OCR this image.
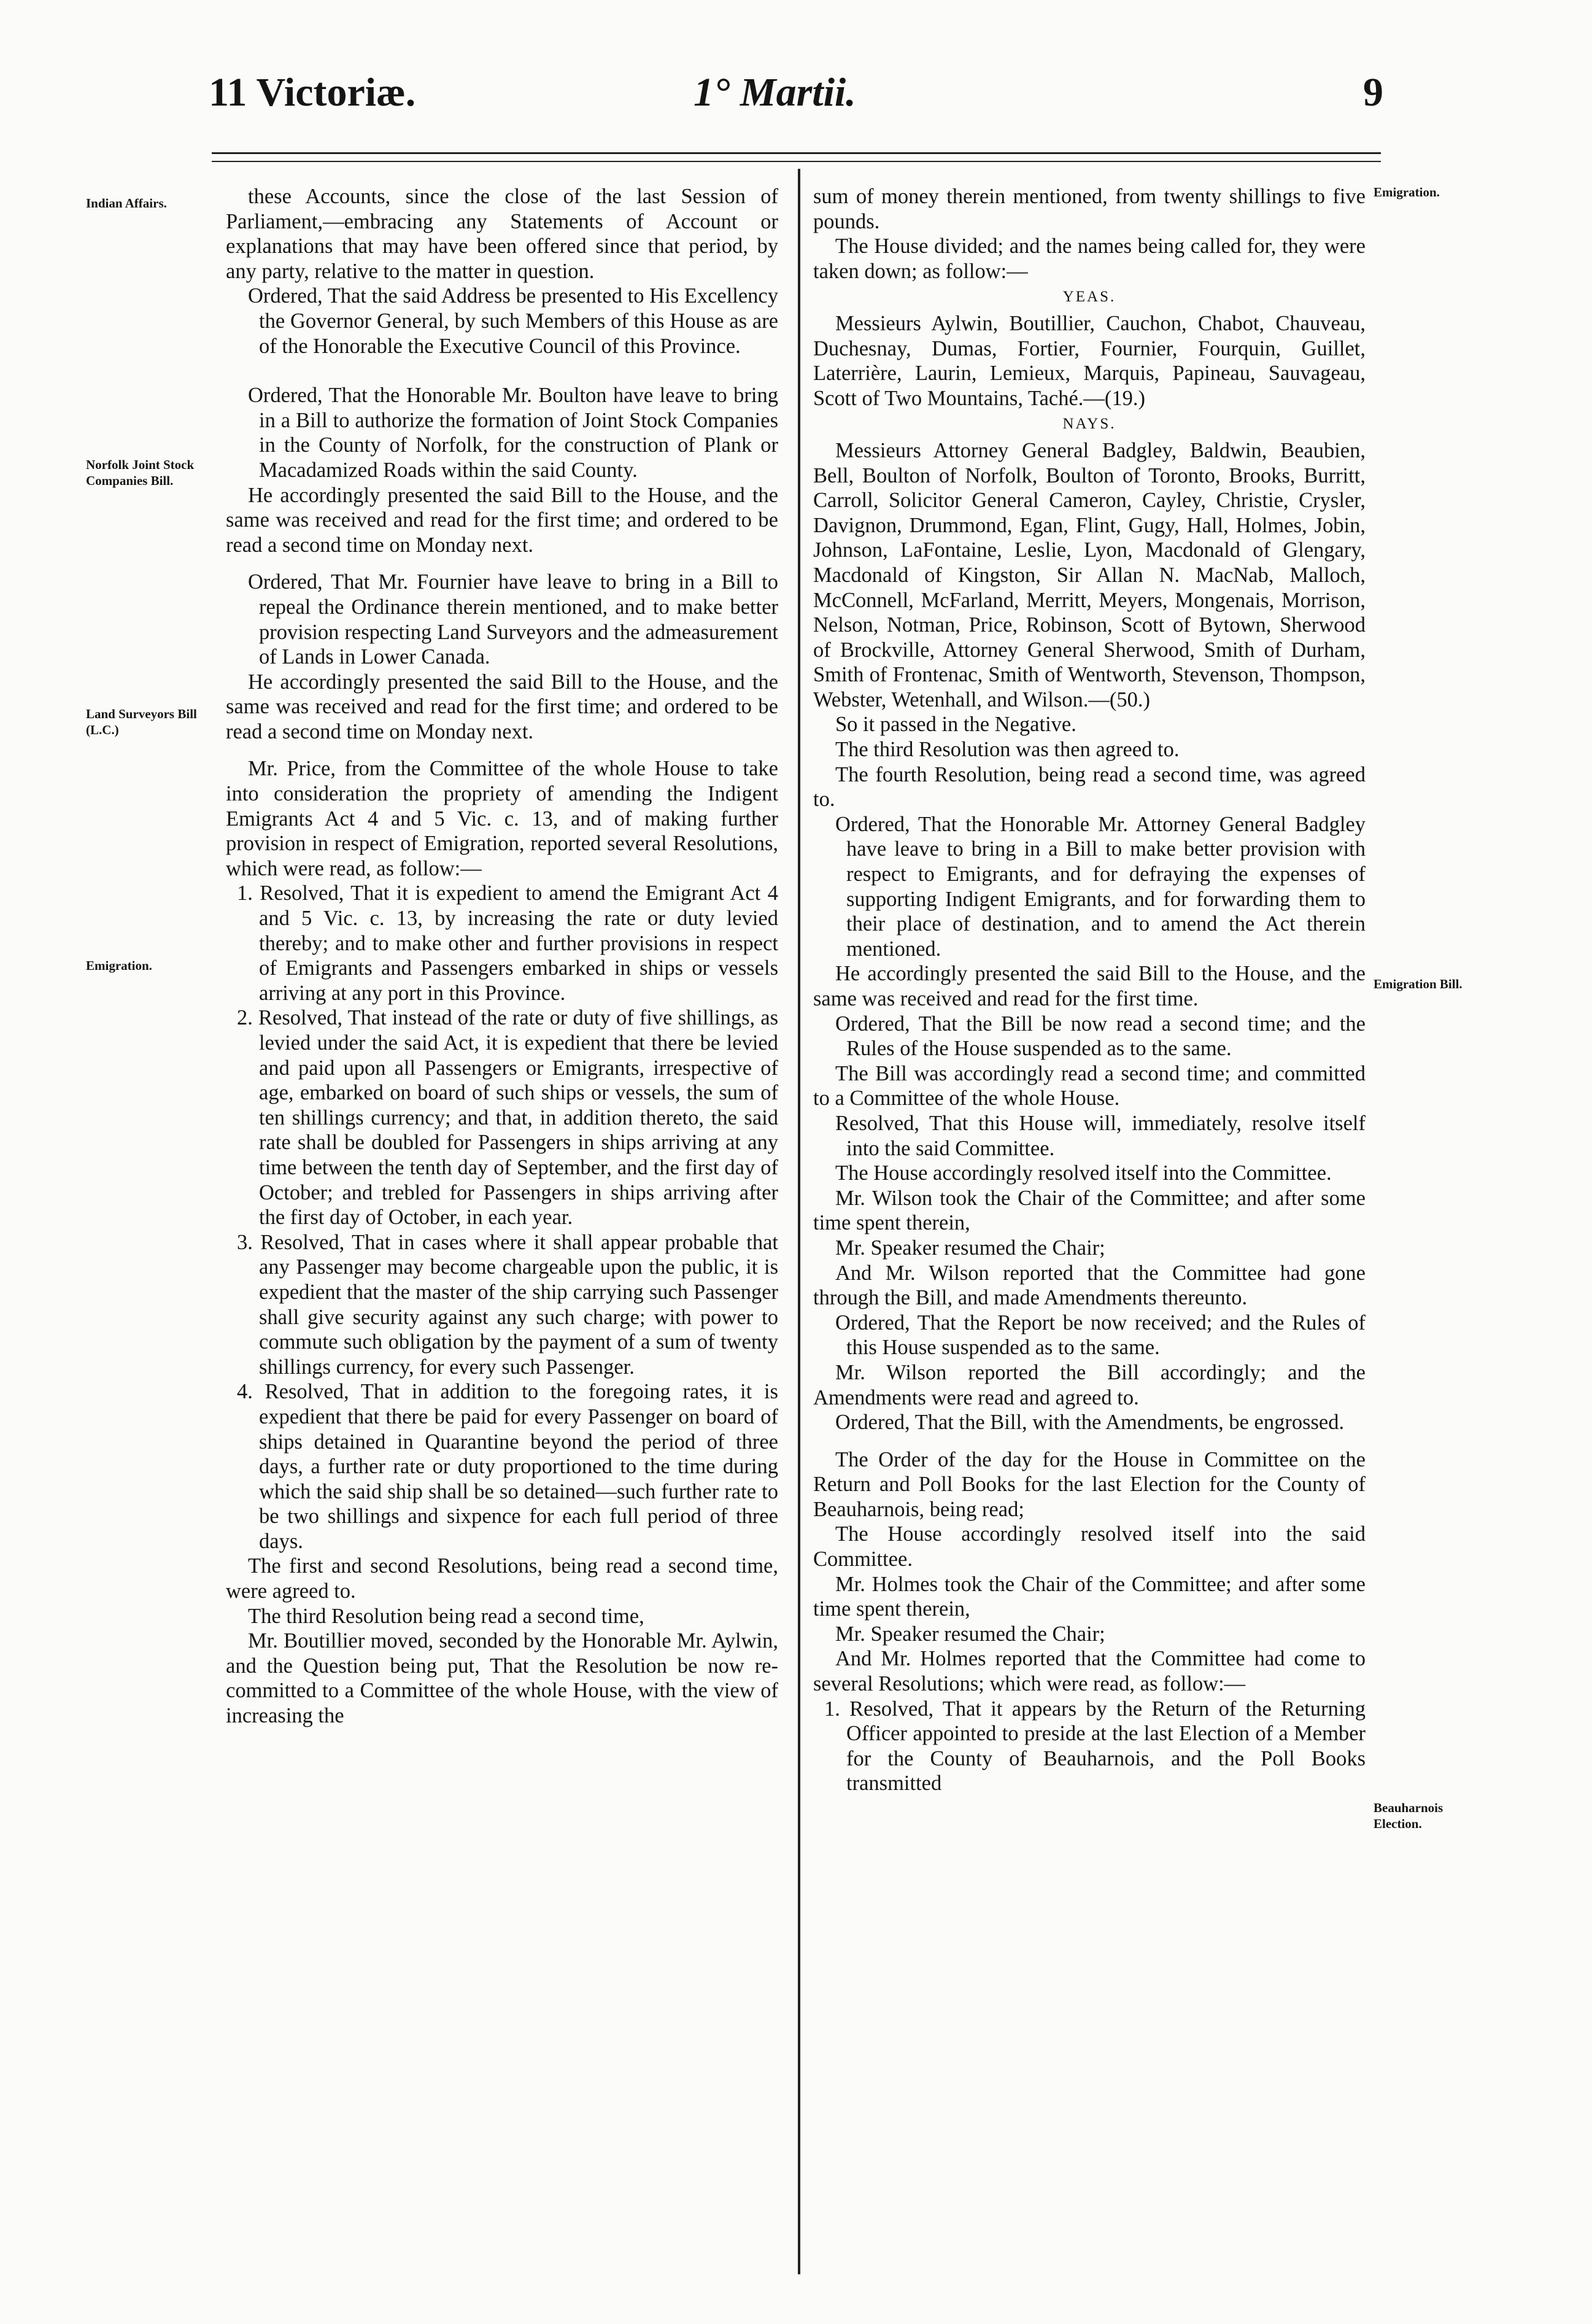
11 Victoriæ.	1° Martii.	9
Indian Affairs.
Norfolk Joint Stock Companies Bill.
Land Surveyors Bill (L.C.)
Emigration.
Emigration.
Emigration Bill.
Beauharnois Election.

these Accounts, since the close of the last Session of Parliament,—embracing any Statements of Account or explanations that may have been offered since that period, by any party, relative to the matter in question.

Ordered, That the said Address be presented to His Excellency the Governor General, by such Members of this House as are of the Honorable the Executive Council of this Province.

Ordered, That the Honorable Mr. Boulton have leave to bring in a Bill to authorize the formation of Joint Stock Companies in the County of Norfolk, for the construction of Plank or Macadamized Roads within the said County.

He accordingly presented the said Bill to the House, and the same was received and read for the first time; and ordered to be read a second time on Monday next.

Ordered, That Mr. Fournier have leave to bring in a Bill to repeal the Ordinance therein mentioned, and to make better provision respecting Land Surveyors and the admeasurement of Lands in Lower Canada.

He accordingly presented the said Bill to the House, and the same was received and read for the first time; and ordered to be read a second time on Monday next.

Mr. Price, from the Committee of the whole House to take into consideration the propriety of amending the Indigent Emigrants Act 4 and 5 Vic. c. 13, and of making further provision in respect of Emigration, reported several Resolutions, which were read, as follow:—

1. Resolved, That it is expedient to amend the Emigrant Act 4 and 5 Vic. c. 13, by increasing the rate or duty levied thereby; and to make other and further provisions in respect of Emigrants and Passengers embarked in ships or vessels arriving at any port in this Province.

2. Resolved, That instead of the rate or duty of five shillings, as levied under the said Act, it is expedient that there be levied and paid upon all Passengers or Emigrants, irrespective of age, embarked on board of such ships or vessels, the sum of ten shillings currency; and that, in addition thereto, the said rate shall be doubled for Passengers in ships arriving at any time between the tenth day of September, and the first day of October; and trebled for Passengers in ships arriving after the first day of October, in each year.

3. Resolved, That in cases where it shall appear probable that any Passenger may become chargeable upon the public, it is expedient that the master of the ship carrying such Passenger shall give security against any such charge; with power to commute such obligation by the payment of a sum of twenty shillings currency, for every such Passenger.

4. Resolved, That in addition to the foregoing rates, it is expedient that there be paid for every Passenger on board of ships detained in Quarantine beyond the period of three days, a further rate or duty proportioned to the time during which the said ship shall be so detained—such further rate to be two shillings and sixpence for each full period of three days.

The first and second Resolutions, being read a second time, were agreed to.

The third Resolution being read a second time,

Mr. Boutillier moved, seconded by the Honorable Mr. Aylwin, and the Question being put, That the Resolution be now re-committed to a Committee of the whole House, with the view of increasing the

sum of money therein mentioned, from twenty shillings to five pounds.

The House divided; and the names being called for, they were taken down; as follow:—

YEAS.

Messieurs Aylwin, Boutillier, Cauchon, Chabot, Chauveau, Duchesnay, Dumas, Fortier, Fournier, Fourquin, Guillet, Laterrière, Laurin, Lemieux, Marquis, Papineau, Sauvageau, Scott of Two Mountains, Taché.—(19.)

NAYS.

Messieurs Attorney General Badgley, Baldwin, Beaubien, Bell, Boulton of Norfolk, Boulton of Toronto, Brooks, Burritt, Carroll, Solicitor General Cameron, Cayley, Christie, Crysler, Davignon, Drummond, Egan, Flint, Gugy, Hall, Holmes, Jobin, Johnson, LaFontaine, Leslie, Lyon, Macdonald of Glengary, Macdonald of Kingston, Sir Allan N. MacNab, Malloch, McConnell, McFarland, Merritt, Meyers, Mongenais, Morrison, Nelson, Notman, Price, Robinson, Scott of Bytown, Sherwood of Brockville, Attorney General Sherwood, Smith of Durham, Smith of Frontenac, Smith of Wentworth, Stevenson, Thompson, Webster, Wetenhall, and Wilson.—(50.)

So it passed in the Negative.

The third Resolution was then agreed to.

The fourth Resolution, being read a second time, was agreed to.

Ordered, That the Honorable Mr. Attorney General Badgley have leave to bring in a Bill to make better provision with respect to Emigrants, and for defraying the expenses of supporting Indigent Emigrants, and for forwarding them to their place of destination, and to amend the Act therein mentioned.

He accordingly presented the said Bill to the House, and the same was received and read for the first time.

Ordered, That the Bill be now read a second time; and the Rules of the House suspended as to the same.

The Bill was accordingly read a second time; and committed to a Committee of the whole House.

Resolved, That this House will, immediately, resolve itself into the said Committee.

The House accordingly resolved itself into the Committee.

Mr. Wilson took the Chair of the Committee; and after some time spent therein,

Mr. Speaker resumed the Chair;

And Mr. Wilson reported that the Committee had gone through the Bill, and made Amendments thereunto.

Ordered, That the Report be now received; and the Rules of this House suspended as to the same.

Mr. Wilson reported the Bill accordingly; and the Amendments were read and agreed to.

Ordered, That the Bill, with the Amendments, be engrossed.

The Order of the day for the House in Committee on the Return and Poll Books for the last Election for the County of Beauharnois, being read;

The House accordingly resolved itself into the said Committee.

Mr. Holmes took the Chair of the Committee; and after some time spent therein,

Mr. Speaker resumed the Chair;

And Mr. Holmes reported that the Committee had come to several Resolutions; which were read, as follow:—

1. Resolved, That it appears by the Return of the Returning Officer appointed to preside at the last Election of a Member for the County of Beauharnois, and the Poll Books transmitted
